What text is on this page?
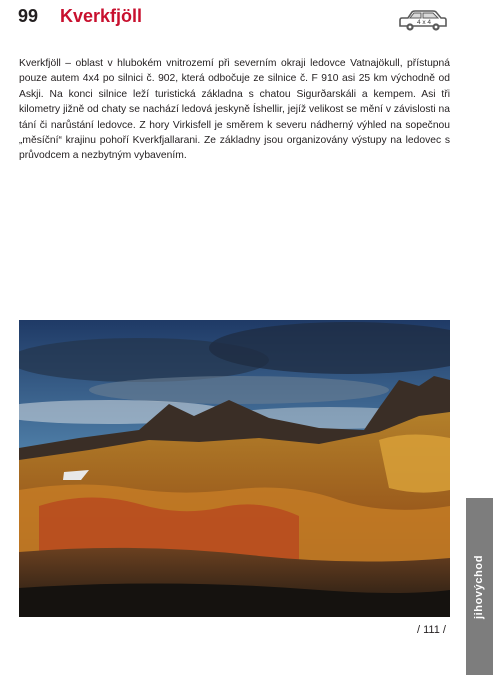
99 Kverkfjöll	4 x 4
Kverkfjöll – oblast v hlubokém vnitrozemí při severním okraji ledovce Vatnajökull, přístupná pouze autem 4x4 po silnici č. 902, která odbočuje ze silnice č. F 910 asi 25 km východně od Askji. Na konci silnice leží turistická základna s chatou Sigurðarskáli a kempem. Asi tři kilometry jižně od chaty se nachází ledová jeskyně Íshellir, jejíž velikost se mění v závislosti na tání či narůstání ledovce. Z hory Virkisfell je směrem k severu nádherný výhled na sopečnou „měsíční“ krajinu pohoří Kverkfjallarani. Ze základny jsou organizovány výstupy na ledovec s průvodcem a nezbytným vybavením.
/ 111 /
jihovýchod
